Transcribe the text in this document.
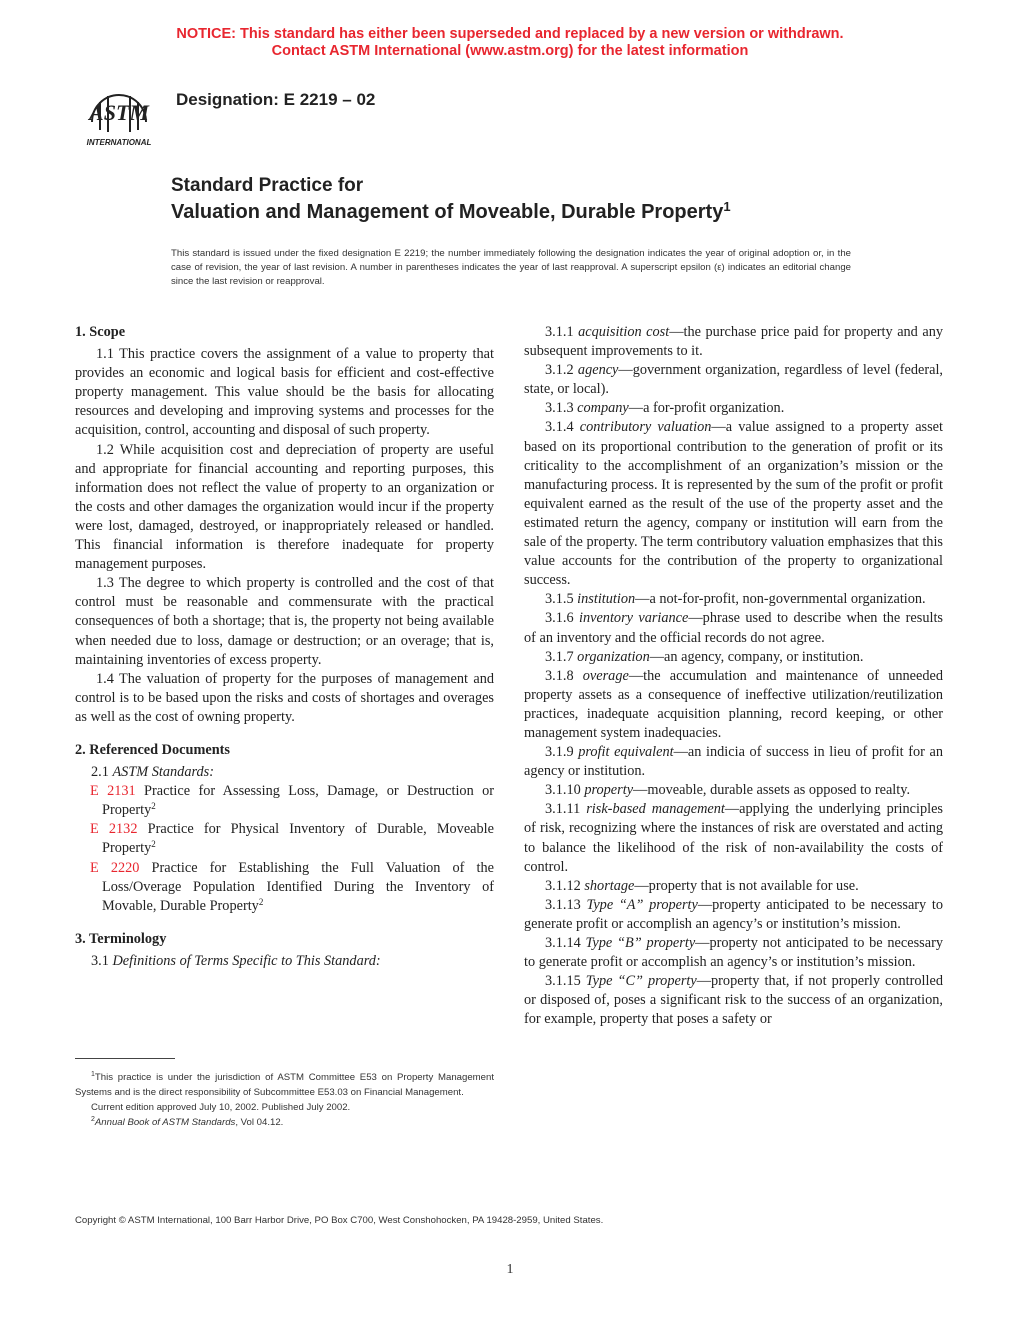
NOTICE: This standard has either been superseded and replaced by a new version or withdrawn.
Contact ASTM International (www.astm.org) for the latest information
ASTM
INTERNATIONAL
Designation: E 2219 – 02
Standard Practice for
Valuation and Management of Moveable, Durable Property$^1$
This standard is issued under the fixed designation E 2219; the number immediately following the designation indicates the year of original adoption or, in the case of revision, the year of last revision. A number in parentheses indicates the year of last reapproval. A superscript epsilon (ε) indicates an editorial change since the last revision or reapproval.
1. Scope

1.1 This practice covers the assignment of a value to property that provides an economic and logical basis for efficient and cost-effective property management. This value should be the basis for allocating resources and developing and improving systems and processes for the acquisition, control, accounting and disposal of such property.

1.2 While acquisition cost and depreciation of property are useful and appropriate for financial accounting and reporting purposes, this information does not reflect the value of property to an organization or the costs and other damages the organization would incur if the property were lost, damaged, destroyed, or inappropriately released or handled. This financial information is therefore inadequate for property management purposes.

1.3 The degree to which property is controlled and the cost of that control must be reasonable and commensurate with the practical consequences of both a shortage; that is, the property not being available when needed due to loss, damage or destruction; or an overage; that is, maintaining inventories of excess property.

1.4 The valuation of property for the purposes of management and control is to be based upon the risks and costs of shortages and overages as well as the cost of owning property.

2. Referenced Documents

2.1 ASTM Standards:

E 2131 Practice for Assessing Loss, Damage, or Destruction or Property$^2$
E 2132 Practice for Physical Inventory of Durable, Moveable Property$^2$
E 2220 Practice for Establishing the Full Valuation of the Loss/Overage Population Identified During the Inventory of Movable, Durable Property$^2$
3. Terminology

3.1 Definitions of Terms Specific to This Standard:

3.1.1 acquisition cost—the purchase price paid for property and any subsequent improvements to it.

3.1.2 agency—government organization, regardless of level (federal, state, or local).

3.1.3 company—a for-profit organization.

3.1.4 contributory valuation—a value assigned to a property asset based on its proportional contribution to the generation of profit or its criticality to the accomplishment of an organization’s mission or the manufacturing process. It is represented by the sum of the profit or profit equivalent earned as the result of the use of the property asset and the estimated return the agency, company or institution will earn from the sale of the property. The term contributory valuation emphasizes that this value accounts for the contribution of the property to organizational success.

3.1.5 institution—a not-for-profit, non-governmental organization.

3.1.6 inventory variance—phrase used to describe when the results of an inventory and the official records do not agree.

3.1.7 organization—an agency, company, or institution.

3.1.8 overage—the accumulation and maintenance of unneeded property assets as a consequence of ineffective utilization/reutilization practices, inadequate acquisition planning, record keeping, or other management system inadequacies.

3.1.9 profit equivalent—an indicia of success in lieu of profit for an agency or institution.

3.1.10 property—moveable, durable assets as opposed to realty.

3.1.11 risk-based management—applying the underlying principles of risk, recognizing where the instances of risk are overstated and acting to balance the likelihood of the risk of non-availability the costs of control.

3.1.12 shortage—property that is not available for use.

3.1.13 Type “A” property—property anticipated to be necessary to generate profit or accomplish an agency’s or institution’s mission.

3.1.14 Type “B” property—property not anticipated to be necessary to generate profit or accomplish an agency’s or institution’s mission.

3.1.15 Type “C” property—property that, if not properly controlled or disposed of, poses a significant risk to the success of an organization, for example, property that poses a safety or

$^1$This practice is under the jurisdiction of ASTM Committee E53 on Property Management Systems and is the direct responsibility of Subcommittee E53.03 on Financial Management.

Current edition approved July 10, 2002. Published July 2002.

$^2$Annual Book of ASTM Standards, Vol 04.12.

Copyright © ASTM International, 100 Barr Harbor Drive, PO Box C700, West Conshohocken, PA 19428-2959, United States.
1
